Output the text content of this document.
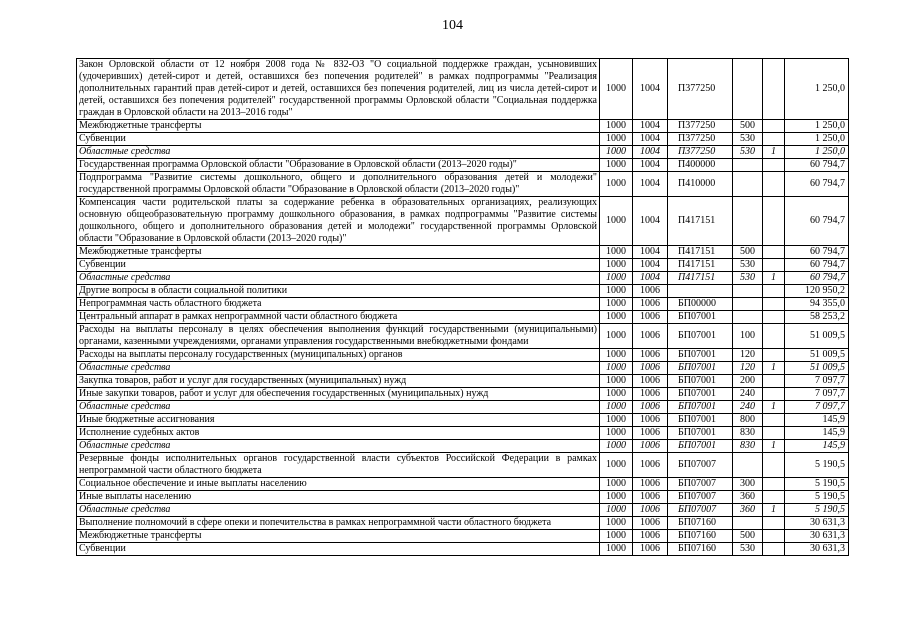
104
Закон Орловской области от 12 ноября 2008 года № 832-ОЗ "О социальной поддержке граждан, усыновивших (удочеривших) детей-сирот и детей, оставшихся без попечения родителей" в рамках подпрограммы "Реализация дополнительных гарантий прав детей-сирот и детей, оставшихся без попечения родителей, лиц из числа детей-сирот и детей, оставшихся без попечения родителей" государственной программы Орловской области "Социальная поддержка граждан в Орловской области на 2013–2016 годы"	1000	1004	П377250			1 250,0
Межбюджетные трансферты	1000	1004	П377250	500		1 250,0
Субвенции	1000	1004	П377250	530		1 250,0
Областные средства	1000	1004	П377250	530	1	1 250,0
Государственная программа Орловской области "Образование в Орловской области (2013–2020 годы)"	1000	1004	П400000			60 794,7
Подпрограмма "Развитие системы дошкольного, общего и дополнительного образования детей и молодежи" государственной программы Орловской области "Образование в Орловской области (2013–2020 годы)"	1000	1004	П410000			60 794,7
Компенсация части родительской платы за содержание ребенка в образовательных организациях, реализующих основную общеобразовательную программу дошкольного образования, в рамках подпрограммы "Развитие системы дошкольного, общего и дополнительного образования детей и молодежи" государственной программы Орловской области "Образование в Орловской области (2013–2020 годы)"	1000	1004	П417151			60 794,7
Межбюджетные трансферты	1000	1004	П417151	500		60 794,7
Субвенции	1000	1004	П417151	530		60 794,7
Областные средства	1000	1004	П417151	530	1	60 794,7
Другие вопросы в области социальной политики	1000	1006				120 950,2
Непрограммная часть областного бюджета	1000	1006	БП00000			94 355,0
Центральный аппарат в рамках непрограммной части областного бюджета	1000	1006	БП07001			58 253,2
Расходы на выплаты персоналу в целях обеспечения выполнения функций государственными (муниципальными) органами, казенными учреждениями, органами управления государственными внебюджетными фондами	1000	1006	БП07001	100		51 009,5
Расходы на выплаты персоналу государственных (муниципальных) органов	1000	1006	БП07001	120		51 009,5
Областные средства	1000	1006	БП07001	120	1	51 009,5
Закупка товаров, работ и услуг для государственных (муниципальных) нужд	1000	1006	БП07001	200		7 097,7
Иные закупки товаров, работ и услуг для обеспечения государственных (муниципальных) нужд	1000	1006	БП07001	240		7 097,7
Областные средства	1000	1006	БП07001	240	1	7 097,7
Иные бюджетные ассигнования	1000	1006	БП07001	800		145,9
Исполнение судебных актов	1000	1006	БП07001	830		145,9
Областные средства	1000	1006	БП07001	830	1	145,9
Резервные фонды исполнительных органов государственной власти субъектов Российской Федерации в рамках непрограммной части областного бюджета	1000	1006	БП07007			5 190,5
Социальное обеспечение и иные выплаты населению	1000	1006	БП07007	300		5 190,5
Иные выплаты населению	1000	1006	БП07007	360		5 190,5
Областные средства	1000	1006	БП07007	360	1	5 190,5
Выполнение полномочий в сфере опеки и попечительства в рамках непрограммной части областного бюджета	1000	1006	БП07160			30 631,3
Межбюджетные трансферты	1000	1006	БП07160	500		30 631,3
Субвенции	1000	1006	БП07160	530		30 631,3
